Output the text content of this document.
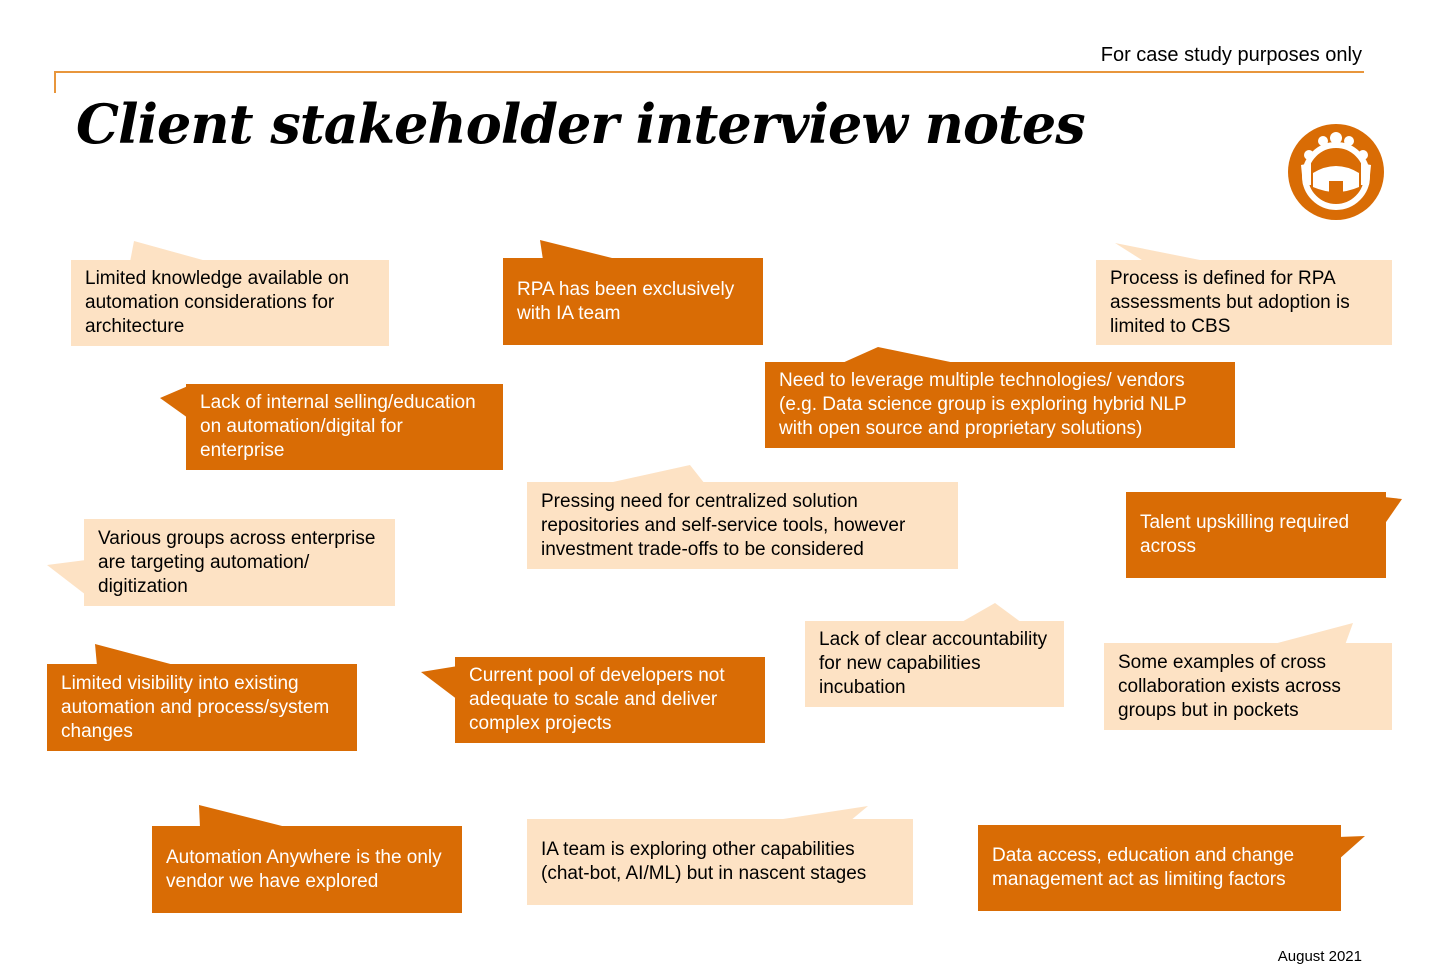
For case study purposes only
Client stakeholder interview notes
Limited knowledge available on automation considerations for architecture
RPA has been exclusively with IA team
Process is defined for RPA assessments but adoption is limited to CBS
Need to leverage multiple technologies/ vendors (e.g. Data science group is exploring hybrid NLP with open source and proprietary solutions)
Lack of internal selling/education on automation/digital for enterprise
Pressing need for centralized solution repositories and self-service tools, however investment trade-offs to be considered
Various groups across enterprise are targeting automation/ digitization
Talent upskilling required across
Lack of clear accountability for new capabilities incubation
Limited visibility into existing automation and process/system changes
Current pool of developers not adequate to scale and deliver complex projects
Some examples of cross collaboration exists across groups but in pockets
Automation Anywhere is the only vendor we have explored
IA team is exploring other capabilities (chat-bot, AI/ML) but in nascent stages
Data access, education and change management act as limiting factors
August 2021
